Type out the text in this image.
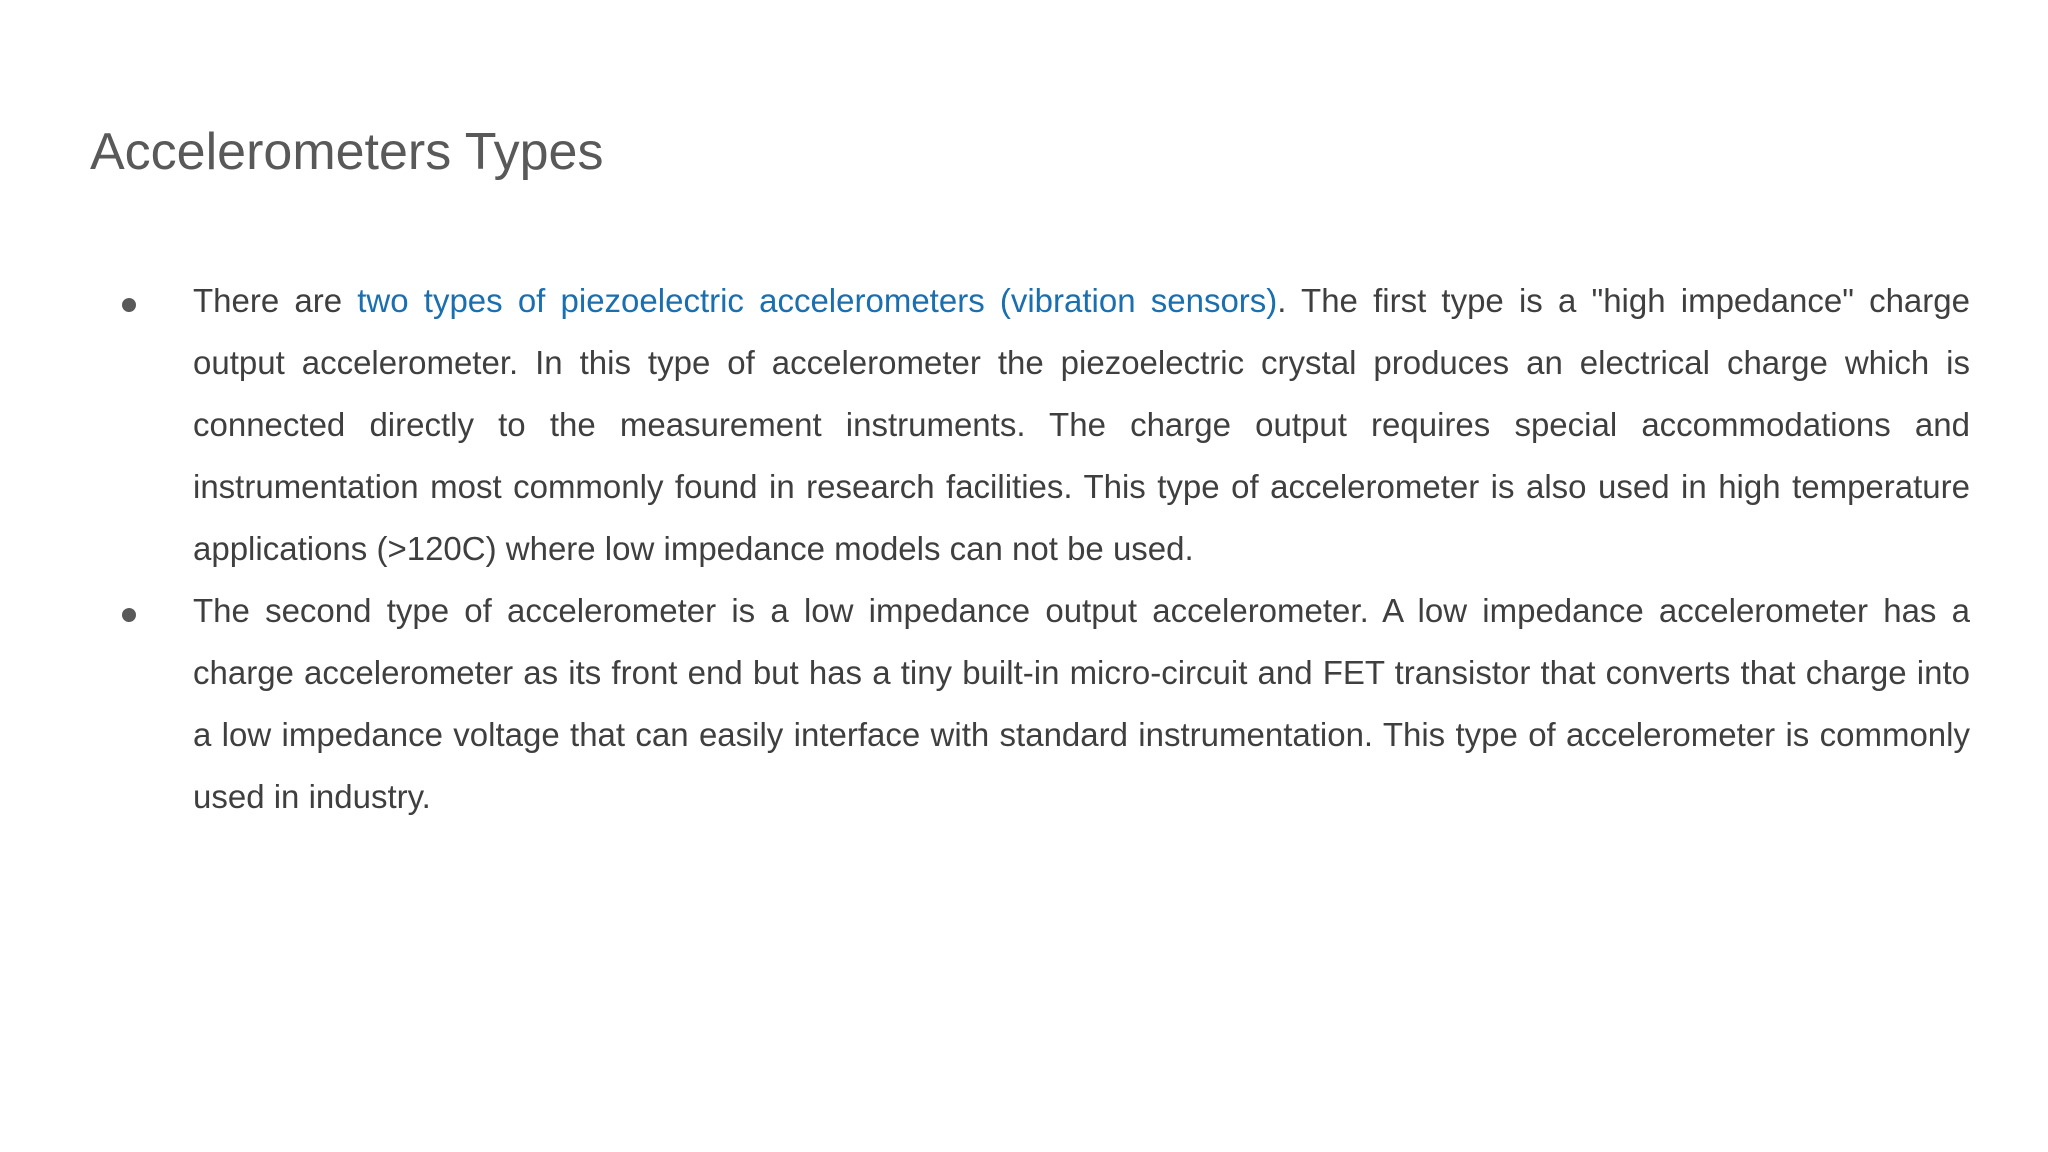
Accelerometers Types

There are two types of piezoelectric accelerometers (vibration sensors). The first type is a "high impedance" charge output accelerometer. In this type of accelerometer the piezoelectric crystal produces an electrical charge which is connected directly to the measurement instruments. The charge output requires special accommodations and instrumentation most commonly found in research facilities. This type of accelerometer is also used in high temperature applications (>120C) where low impedance models can not be used.

The second type of accelerometer is a low impedance output accelerometer. A low impedance accelerometer has a charge accelerometer as its front end but has a tiny built-in micro-circuit and FET transistor that converts that charge into a low impedance voltage that can easily interface with standard instrumentation. This type of accelerometer is commonly used in industry.
